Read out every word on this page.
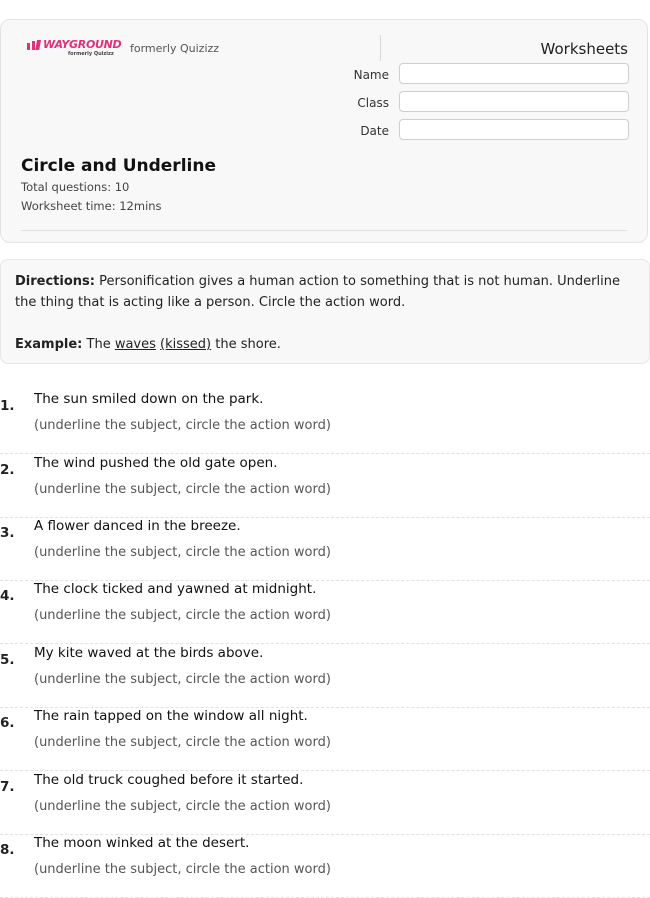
WAYGROUND
formerly Quizizz formerly Quizizz	Worksheets
Name
Class
Date
Circle and Underline
Total questions: 10
Worksheet time: 12mins
Directions: Personification gives a human action to something that is not human. Underline the thing that is acting like a person. Circle the action word.
Example: The waves (kissed) the shore.
1. The sun smiled down on the park.
(underline the subject, circle the action word)
2. The wind pushed the old gate open.
(underline the subject, circle the action word)
3. A flower danced in the breeze.
(underline the subject, circle the action word)
4. The clock ticked and yawned at midnight.
(underline the subject, circle the action word)
5. My kite waved at the birds above.
(underline the subject, circle the action word)
6. The rain tapped on the window all night.
(underline the subject, circle the action word)
7. The old truck coughed before it started.
(underline the subject, circle the action word)
8. The moon winked at the desert.
(underline the subject, circle the action word)
